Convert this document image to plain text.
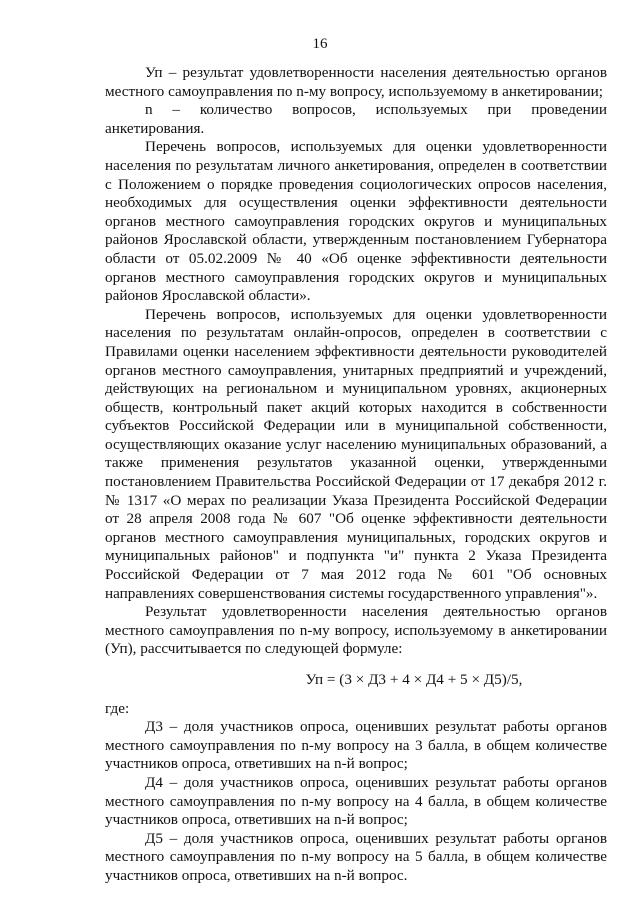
16

Уп – результат удовлетворенности населения деятельностью органов местного самоуправления по n-му вопросу, используемому в анкетировании;

n – количество вопросов, используемых при проведении

анкетирования.

Перечень вопросов, используемых для оценки удовлетворенности населения по результатам личного анкетирования, определен в соответствии с Положением о порядке проведения социологических опросов населения, необходимых для осуществления оценки эффективности деятельности органов местного самоуправления городских округов и муниципальных районов Ярославской области, утвержденным постановлением Губернатора области от 05.02.2009 № 40 «Об оценке эффективности деятельности органов местного самоуправления городских округов и муниципальных районов Ярославской области».

Перечень вопросов, используемых для оценки удовлетворенности населения по результатам онлайн-опросов, определен в соответствии с Правилами оценки населением эффективности деятельности руководителей органов местного самоуправления, унитарных предприятий и учреждений, действующих на региональном и муниципальном уровнях, акционерных обществ, контрольный пакет акций которых находится в собственности субъектов Российской Федерации или в муниципальной собственности, осуществляющих оказание услуг населению муниципальных образований, а также применения результатов указанной оценки, утвержденными постановлением Правительства Российской Федерации от 17 декабря 2012 г. № 1317 «О мерах по реализации Указа Президента Российской Федерации от 28 апреля 2008 года № 607 "Об оценке эффективности деятельности органов местного самоуправления муниципальных, городских округов и муниципальных районов" и подпункта "и" пункта 2 Указа Президента Российской Федерации от 7 мая 2012 года № 601 "Об основных направлениях совершенствования системы государственного управления"».

Результат удовлетворенности населения деятельностью органов местного самоуправления по n-му вопросу, используемому в анкетировании (Уп), рассчитывается по следующей формуле:

Уп = (3 × Д3 + 4 × Д4 + 5 × Д5)/5,

где:

Д3 – доля участников опроса, оценивших результат работы органов местного самоуправления по n-му вопросу на 3 балла, в общем количестве участников опроса, ответивших на n-й вопрос;

Д4 – доля участников опроса, оценивших результат работы органов местного самоуправления по n-му вопросу на 4 балла, в общем количестве участников опроса, ответивших на n-й вопрос;

Д5 – доля участников опроса, оценивших результат работы органов местного самоуправления по n-му вопросу на 5 балла, в общем количестве участников опроса, ответивших на n-й вопрос.
